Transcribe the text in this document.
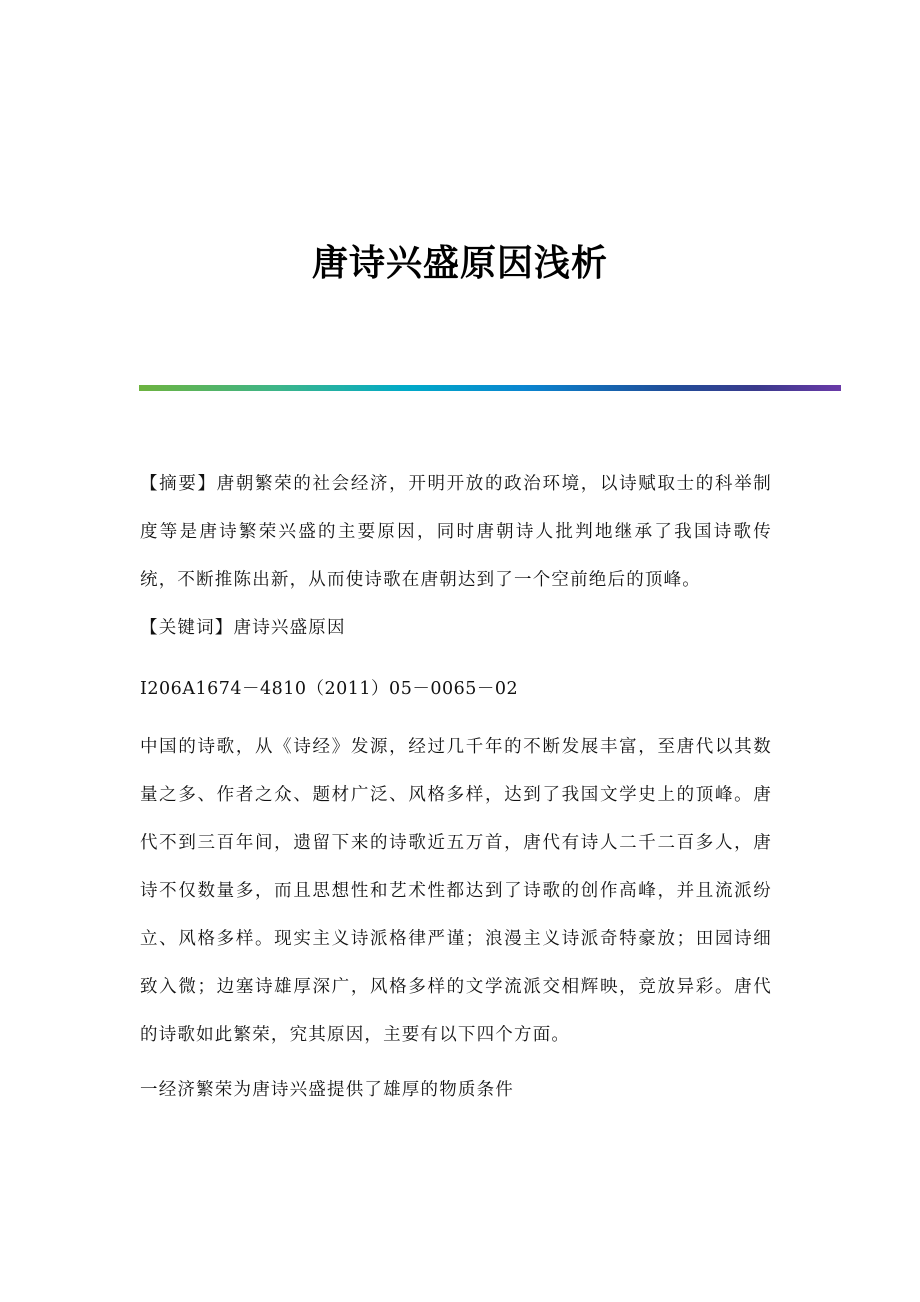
唐诗兴盛原因浅析

【摘要】唐朝繁荣的社会经济，开明开放的政治环境，以诗赋取士的科举制度等是唐诗繁荣兴盛的主要原因，同时唐朝诗人批判地继承了我国诗歌传统，不断推陈出新，从而使诗歌在唐朝达到了一个空前绝后的顶峰。

【关键词】唐诗兴盛原因

I206A1674－4810（2011）05－0065－02

中国的诗歌，从《诗经》发源，经过几千年的不断发展丰富，至唐代以其数量之多、作者之众、题材广泛、风格多样，达到了我国文学史上的顶峰。唐代不到三百年间，遗留下来的诗歌近五万首，唐代有诗人二千二百多人，唐诗不仅数量多，而且思想性和艺术性都达到了诗歌的创作高峰，并且流派纷立、风格多样。现实主义诗派格律严谨；浪漫主义诗派奇特豪放；田园诗细致入微；边塞诗雄厚深广，风格多样的文学流派交相辉映，竞放异彩。唐代的诗歌如此繁荣，究其原因，主要有以下四个方面。

一经济繁荣为唐诗兴盛提供了雄厚的物质条件
